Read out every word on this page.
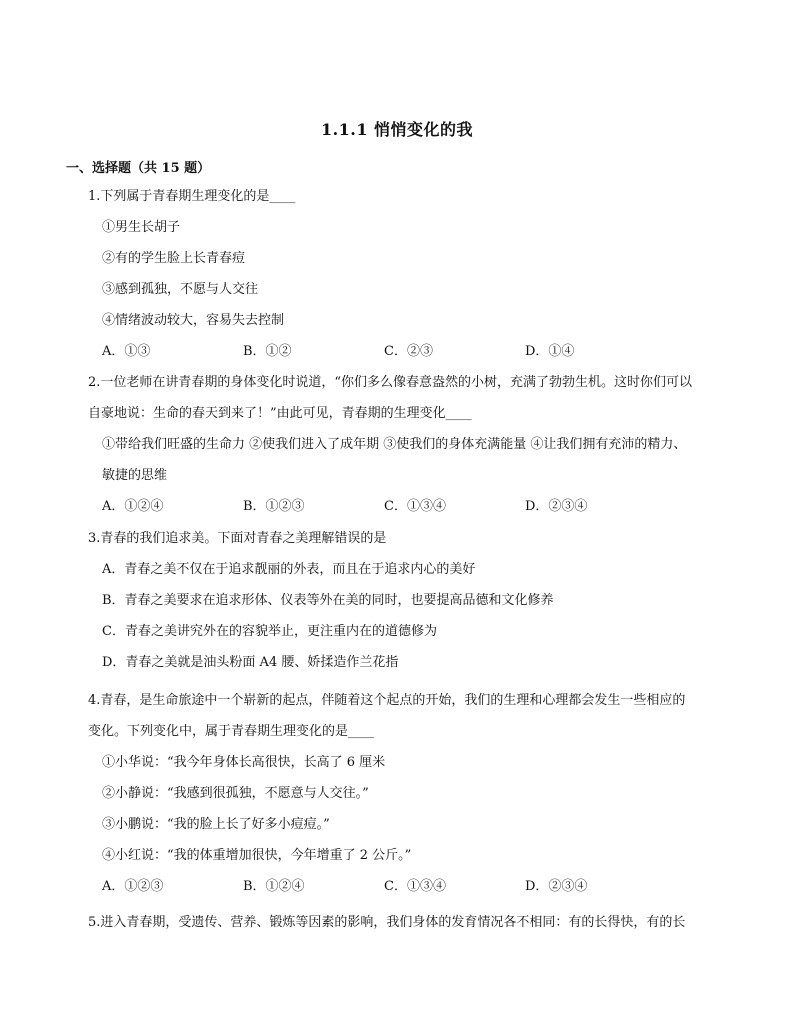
1.1.1 悄悄变化的我
一、选择题（共 15 题）
1.下列属于青春期生理变化的是____
①男生长胡子
②有的学生脸上长青春痘
③感到孤独，不愿与人交往
④情绪波动较大，容易失去控制
A．①③	B．①②	C．②③	D．①④
2.一位老师在讲青春期的身体变化时说道，“你们多么像春意盎然的小树，充满了勃勃生机。这时你们可以
自豪地说：生命的春天到来了！”由此可见，青春期的生理变化____
①带给我们旺盛的生命力 ②使我们进入了成年期 ③使我们的身体充满能量 ④让我们拥有充沛的精力、
敏捷的思维
A．①②④	B．①②③	C．①③④	D．②③④
3.青春的我们追求美。下面对青春之美理解错误的是
A．青春之美不仅在于追求靓丽的外表，而且在于追求内心的美好
B．青春之美要求在追求形体、仪表等外在美的同时，也要提高品德和文化修养
C．青春之美讲究外在的容貌举止，更注重内在的道德修为
D．青春之美就是油头粉面 A4 腰、娇揉造作兰花指
4.青春，是生命旅途中一个崭新的起点，伴随着这个起点的开始，我们的生理和心理都会发生一些相应的
变化。下列变化中，属于青春期生理变化的是____
①小华说：“我今年身体长高很快，长高了 6 厘米
②小静说：“我感到很孤独，不愿意与人交往。”
③小鹏说：“我的脸上长了好多小痘痘。”
④小红说：“我的体重增加很快，今年增重了 2 公斤。”
A．①②③	B．①②④	C．①③④	D．②③④
5.进入青春期，受遗传、营养、锻炼等因素的影响，我们身体的发育情况各不相同：有的长得快，有的长
